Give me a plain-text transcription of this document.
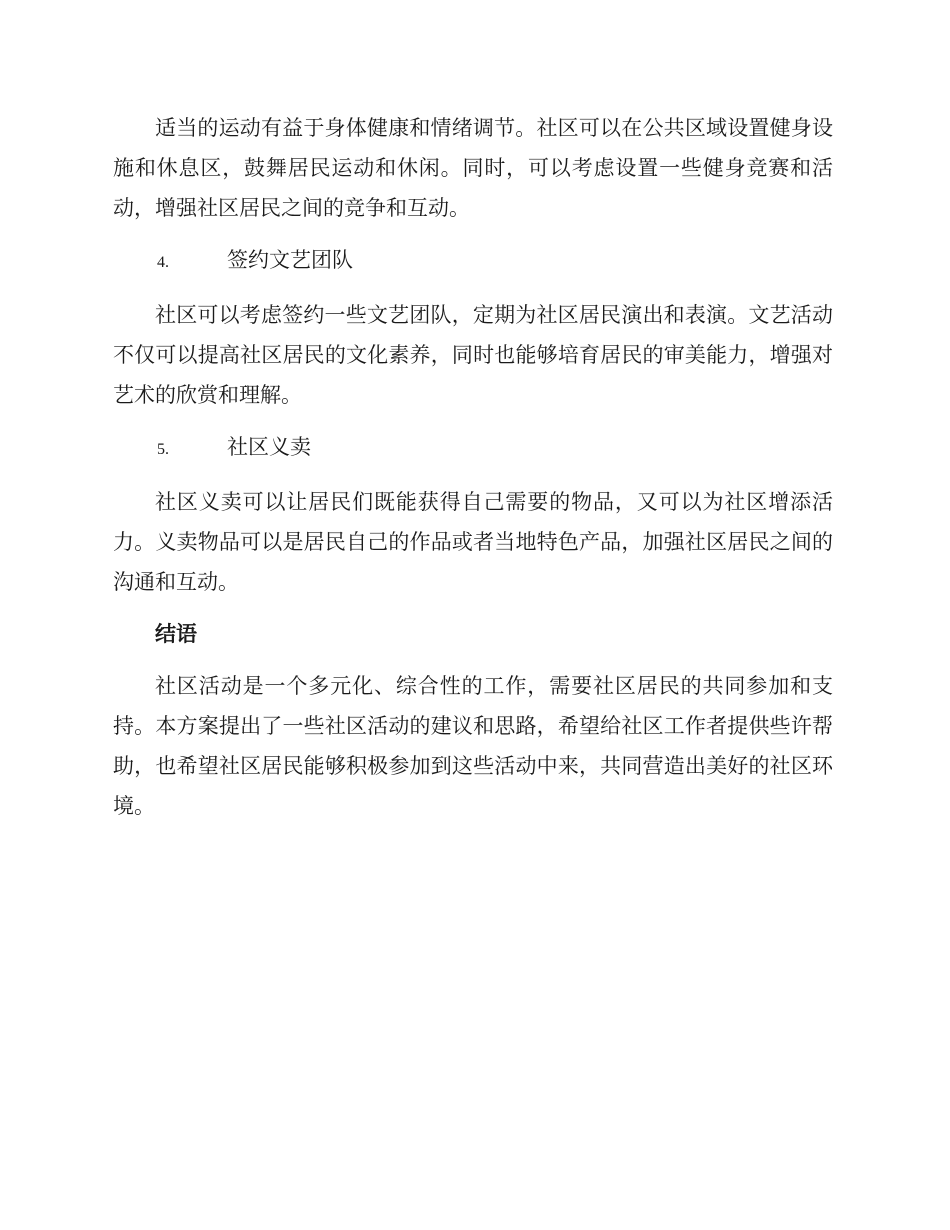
适当的运动有益于身体健康和情绪调节。社区可以在公共区域设置健身设施和休息区，鼓舞居民运动和休闲。同时，可以考虑设置一些健身竞赛和活动，增强社区居民之间的竞争和互动。

4.	签约文艺团队

社区可以考虑签约一些文艺团队，定期为社区居民演出和表演。文艺活动不仅可以提高社区居民的文化素养，同时也能够培育居民的审美能力，增强对艺术的欣赏和理解。

5.	社区义卖

社区义卖可以让居民们既能获得自己需要的物品，又可以为社区增添活力。义卖物品可以是居民自己的作品或者当地特色产品，加强社区居民之间的沟通和互动。

结语

社区活动是一个多元化、综合性的工作，需要社区居民的共同参加和支持。本方案提出了一些社区活动的建议和思路，希望给社区工作者提供些许帮助，也希望社区居民能够积极参加到这些活动中来，共同营造出美好的社区环境。
